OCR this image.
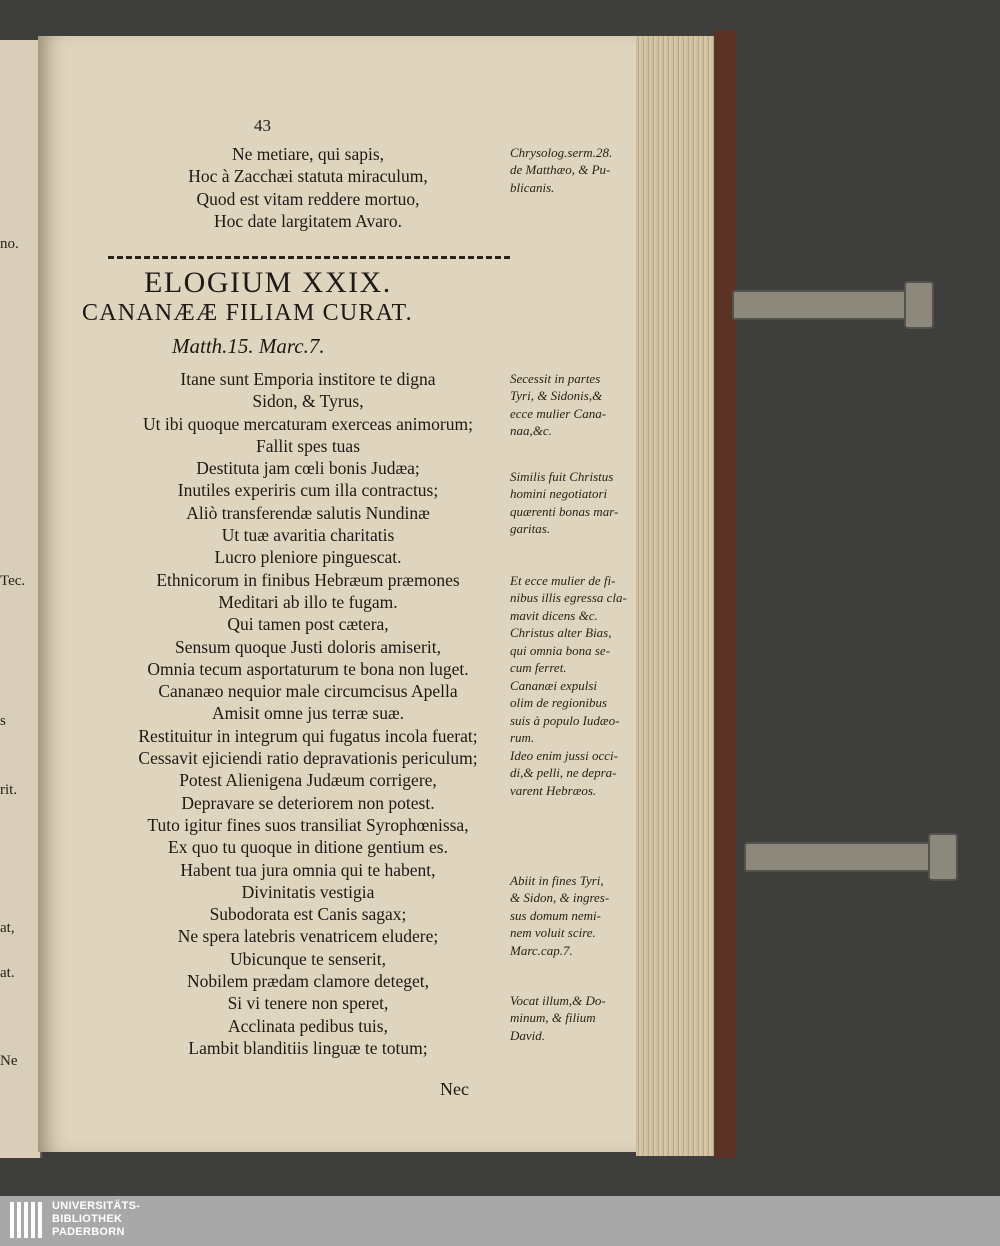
no.
Tec.
s
rit.
at,
at.
Ne
43
Ne metiare, qui sapis,
Hoc à Zacchæi statuta miraculum,
Quod est vitam reddere mortuo,
Hoc date largitatem Avaro.
Chrysolog.serm.28.
de Matthæo, & Pu-
blicanis.
ELOGIUM XXIX.
CANANÆÆ FILIAM CURAT.
Matth.15. Marc.7.
Itane sunt Emporia institore te digna
Sidon, & Tyrus,
Ut ibi quoque mercaturam exerceas animorum;
Fallit spes tuas
Destituta jam cœli bonis Judæa;
Inutiles experiris cum illa contractus;
Aliò transferendæ salutis Nundinæ
Ut tuæ avaritia charitatis
Lucro pleniore pinguescat.
Ethnicorum in finibus Hebræum præmones
Meditari ab illo te fugam.
Qui tamen post cætera,
Sensum quoque Justi doloris amiserit,
Omnia tecum asportaturum te bona non luget.
Cananæo nequior male circumcisus Apella
Amisit omne jus terræ suæ.
Restituitur in integrum qui fugatus incola fuerat;
Cessavit ejiciendi ratio depravationis periculum;
Potest Alienigena Judæum corrigere,
Depravare se deteriorem non potest.
Tuto igitur fines suos transiliat Syrophœnissa,
Ex quo tu quoque in ditione gentium es.
Habent tua jura omnia qui te habent,
Divinitatis vestigia
Subodorata est Canis sagax;
Ne spera latebris venatricem eludere;
Ubicunque te senserit,
Nobilem prædam clamore deteget,
Si vi tenere non speret,
Acclinata pedibus tuis,
Lambit blanditiis linguæ te totum;
Secessit in partes
Tyri, & Sidonis,&
ecce mulier Cana-
naa,&c.
Similis fuit Christus
homini negotiatori
quærenti bonas mar-
garitas.
Et ecce mulier de fi-
nibus illis egressa cla-
mavit dicens &c.
Christus alter Bias,
qui omnia bona se-
cum ferret.
Cananæi expulsi
olim de regionibus
suis à populo Iudæo-
rum.
Ideo enim jussi occi-
di,& pelli, ne depra-
varent Hebræos.
Abiit in fines Tyri,
& Sidon, & ingres-
sus domum nemi-
nem voluit scire.
Marc.cap.7.
Vocat illum,& Do-
minum, & filium
David.
Nec
UNIVERSITÄTS-
BIBLIOTHEK
PADERBORN
